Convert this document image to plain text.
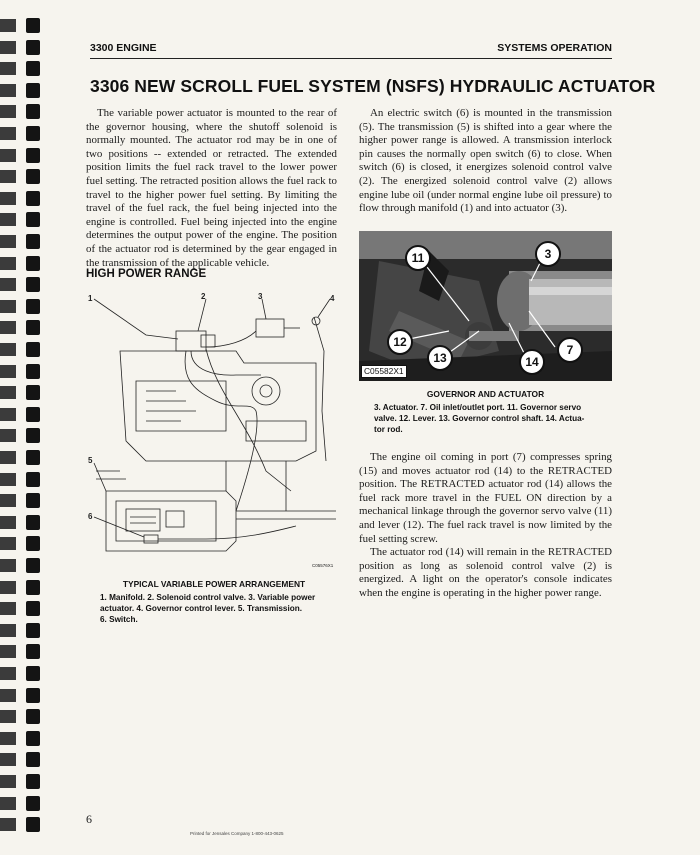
3300 ENGINE	SYSTEMS OPERATION
3306 NEW SCROLL FUEL SYSTEM (NSFS) HYDRAULIC ACTUATOR

The variable power actuator is mounted to the rear of the governor housing, where the shutoff solenoid is normally mounted. The actuator rod may be in one of two positions -- extended or retracted. The extended position limits the fuel rack travel to the lower power fuel setting. The retracted position allows the fuel rack to travel to the higher power fuel setting. By limiting the travel of the fuel rack, the fuel being injected into the engine is controlled. Fuel being injected into the engine determines the output power of the engine. The position of the actuator rod is determined by the gear engaged in the transmission of the applicable vehicle.

HIGH POWER RANGE
1	2	3	4
5
6
C05576X1
TYPICAL VARIABLE POWER ARRANGEMENT
1. Manifold. 2. Solenoid control valve. 3. Variable power
actuator. 4. Governor control lever. 5. Transmission.
6. Switch.

An electric switch (6) is mounted in the transmission (5). The transmission (5) is shifted into a gear where the higher power range is allowed. A transmission interlock pin causes the normally open switch (6) to close. When switch (6) is closed, it energizes solenoid control valve (2). The energized solenoid control valve (2) allows engine lube oil (under normal engine lube oil pressure) to flow through manifold (1) and into actuator (3).

11	3
12
13	14
7
C05582X1
GOVERNOR AND ACTUATOR
3. Actuator. 7. Oil inlet/outlet port. 11. Governor servo
valve. 12. Lever. 13. Governor control shaft. 14. Actua-
tor rod.

The engine oil coming in port (7) compresses spring (15) and moves actuator rod (14) to the RETRACTED position. The RETRACTED actuator rod (14) allows the fuel rack more travel in the FUEL ON direction by a mechanical linkage through the governor servo valve (11) and lever (12). The fuel rack travel is now limited by the fuel setting screw.

The actuator rod (14) will remain in the RETRACTED position as long as solenoid control valve (2) is energized. A light on the operator's console indicates when the engine is operating in the higher power range.

6
Printed for Jensales Company 1-800-443-0625
